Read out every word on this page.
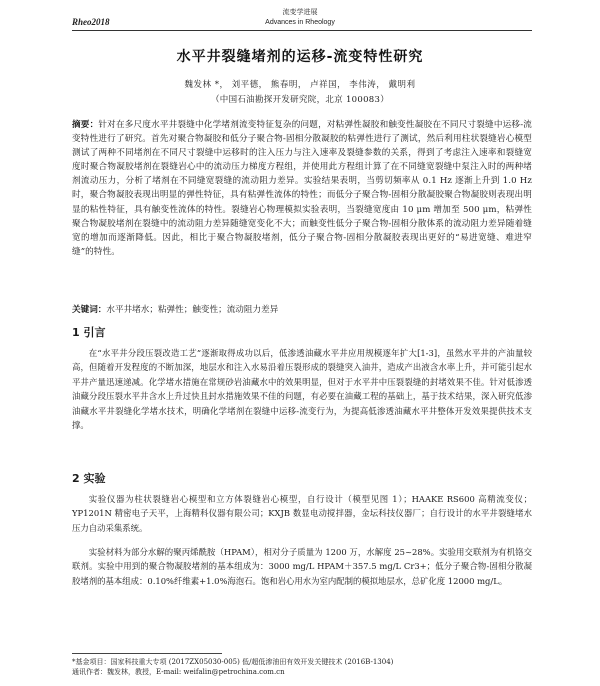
流变学进展
Advances in Rheology
Rheo2018
水平井裂缝堵剂的运移-流变特性研究
魏发林 *， 刘平德， 熊春明， 卢祥国， 李伟涛， 戴明利
（中国石油勘探开发研究院，北京 100083）
摘要：针对在多尺度水平井裂缝中化学堵剂流变特征复杂的问题，对粘弹性凝胶和触变性凝胶在不同尺寸裂缝中运移-流变特性进行了研究。首先对聚合物凝胶和低分子聚合物-固相分散凝胶的粘弹性进行了测试，然后利用柱状裂缝岩心模型测试了两种不同堵剂在不同尺寸裂缝中运移时的注入压力与注入速率及裂缝参数的关系，得到了考虑注入速率和裂缝宽度时聚合物凝胶堵剂在裂缝岩心中的流动压力梯度方程组，并使用此方程组计算了在不同缝宽裂缝中泵注入时的两种堵剂流动压力，分析了堵剂在不同缝宽裂缝的流动阻力差异。实验结果表明，当剪切频率从 0.1 Hz 逐渐上升到 1.0 Hz 时，聚合物凝胶表现出明显的弹性特征，具有粘弹性流体的特性；而低分子聚合物-固相分散凝胶聚合物凝胶则表现出明显的粘性特征，具有触变性流体的特性。裂缝岩心物理模拟实验表明，当裂缝宽度由 10 μm 增加至 500 μm，粘弹性聚合物凝胶堵剂在裂缝中的流动阻力差异随缝宽变化不大；而触变性低分子聚合物-固相分散体系的流动阻力差异随着缝宽的增加而逐渐降低。因此，相比于聚合物凝胶堵剂，低分子聚合物-固相分散凝胶表现出更好的“易进宽缝、难进窄缝”的特性。
关键词：水平井堵水；粘弹性；触变性；流动阻力差异
1 引言
在“水平井分段压裂改造工艺”逐渐取得成功以后，低渗透油藏水平井应用规模逐年扩大[1-3]，虽然水平井的产油量较高，但随着开发程度的不断加深，地层水和注入水易沿着压裂形成的裂缝突入油井，造成产出液含水率上升，并可能引起水平井产量迅速递减。化学堵水措施在常规砂岩油藏水中的效果明显，但对于水平井中压裂裂缝的封堵效果不佳。针对低渗透油藏分段压裂水平井含水上升过快且封水措施效果不佳的问题，有必要在油藏工程的基础上，基于技术结果，深入研究低渗油藏水平井裂缝化学堵水技术，明确化学堵剂在裂缝中运移-流变行为，为提高低渗透油藏水平井整体开发效果提供技术支撑。
2 实验
实验仪器为柱状裂缝岩心模型和立方体裂缝岩心模型，自行设计（模型见图 1）；HAAKE RS600 高精流变仪；YP1201N 精密电子天平，上海精科仪器有限公司；KXJB 数显电动搅拌器，金坛科技仪器厂；自行设计的水平井裂缝堵水压力自动采集系统。
实验材料为部分水解的聚丙烯酰胺（HPAM），相对分子质量为 1200 万，水解度 25~28%。实验用交联剂为有机铬交联剂。实验中用到的聚合物凝胶堵剂的基本组成为：3000 mg/L HPAM＋357.5 mg/L Cr3+；低分子聚合物-固相分散凝胶堵剂的基本组成：0.10%纤维素+1.0%海泡石。饱和岩心用水为室内配制的模拟地层水，总矿化度 12000 mg/L。
*基金项目：国家科技重大专项 (2017ZX05030-005) 低/超低渗油田有效开发关键技术 (2016B-1304)
通讯作者：魏发林，教授，E-mail: weifalin@petrochina.com.cn
